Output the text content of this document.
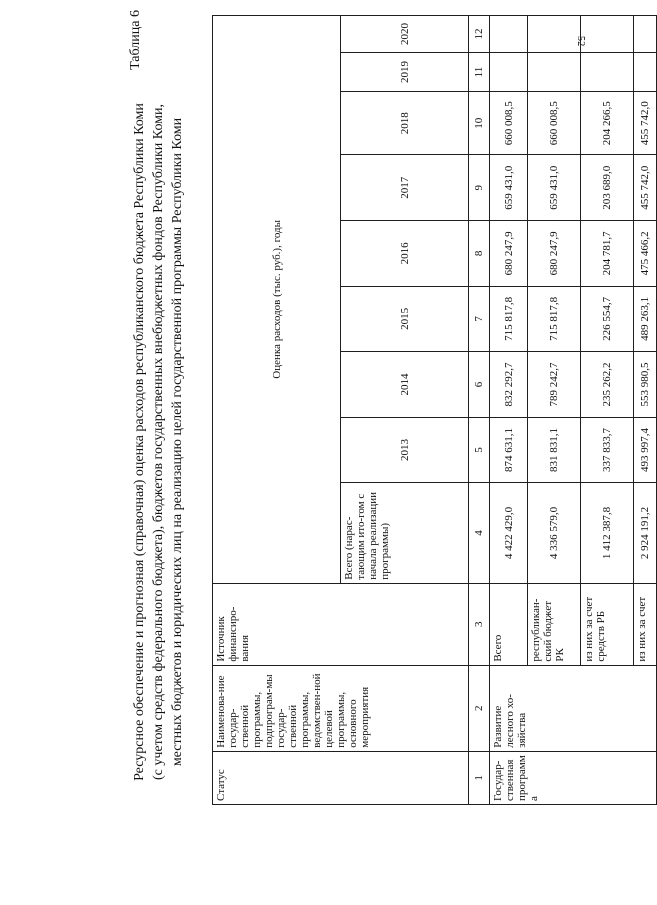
52
Таблица 6
Ресурсное обеспечение и прогнозная (справочная) оценка расходов республиканского бюджета Республики Коми (с учетом средств федерального бюджета), бюджетов государственных внебюджетных фондов Республики Коми, местных бюджетов и юридических лиц на реализацию целей государственной программы Республики Коми
Статус	Наименова-ние государ-ственной программы, подпрограм-мы государ-ственной программы, ведомствен-ной целевой программы, основного мероприятия	Источник финансиро-вания	Оценка расходов (тыс. руб.), годы								
			Всего (нарас-тающим ито-гом с начала реализации программы)	2013	2014	2015	2016	2017	2018	2019	2020
1	2	3	4	5	6	7	8	9	10	11	12
Государ-ственная программа	Развитие лесного хо-зяйства	Всего	4 422 429,0	874 631,1	832 292,7	715 817,8	680 247,9	659 431,0	660 008,5		
		республикан-ский бюджет РК	4 336 579,0	831 831,1	789 242,7	715 817,8	680 247,9	659 431,0	660 008,5		
		из них за счет средств РБ	1 412 387,8	337 833,7	235 262,2	226 554,7	204 781,7	203 689,0	204 266,5		
		из них за счет	2 924 191,2	493 997,4	553 980,5	489 263,1	475 466,2	455 742,0	455 742,0		
